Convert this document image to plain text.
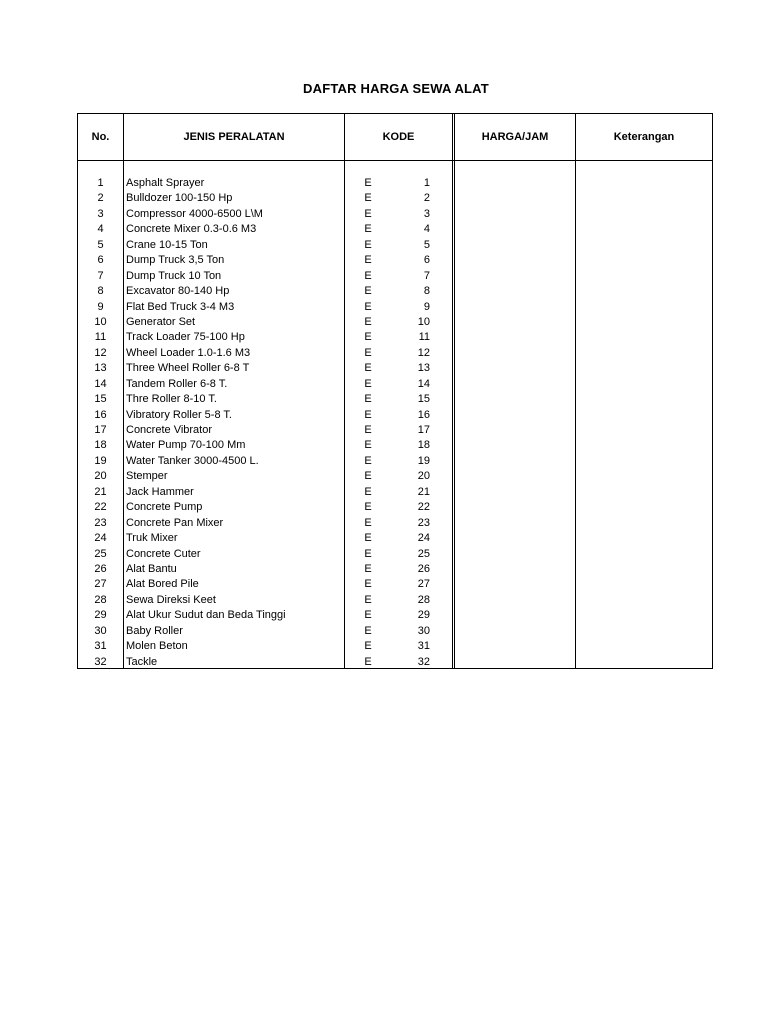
DAFTAR HARGA SEWA ALAT
No.	JENIS PERALATAN	KODE	HARGA/JAM	Keterangan
1	Asphalt Sprayer	E	1
2	Bulldozer 100-150 Hp	E	2
3	Compressor 4000-6500 L\M	E	3
4	Concrete Mixer 0.3-0.6 M3	E	4
5	Crane 10-15 Ton	E	5
6	Dump Truck 3,5 Ton	E	6
7	Dump Truck 10 Ton	E	7
8	Excavator 80-140 Hp	E	8
9	Flat Bed Truck 3-4 M3	E	9
10	Generator Set	E	10
11	Track Loader 75-100 Hp	E	11
12	Wheel Loader 1.0-1.6 M3	E	12
13	Three Wheel Roller 6-8 T	E	13
14	Tandem Roller 6-8 T.	E	14
15	Thre Roller 8-10 T.	E	15
16	Vibratory Roller 5-8 T.	E	16
17	Concrete Vibrator	E	17
18	Water Pump 70-100 Mm	E	18
19	Water Tanker 3000-4500 L.	E	19
20	Stemper	E	20
21	Jack Hammer	E	21
22	Concrete Pump	E	22
23	Concrete Pan Mixer	E	23
24	Truk Mixer	E	24
25	Concrete Cuter	E	25
26	Alat Bantu	E	26
27	Alat Bored Pile	E	27
28	Sewa Direksi Keet	E	28
29	Alat Ukur Sudut dan Beda Tinggi	E	29
30	Baby Roller	E	30
31	Molen Beton	E	31
32	Tackle	E	32
